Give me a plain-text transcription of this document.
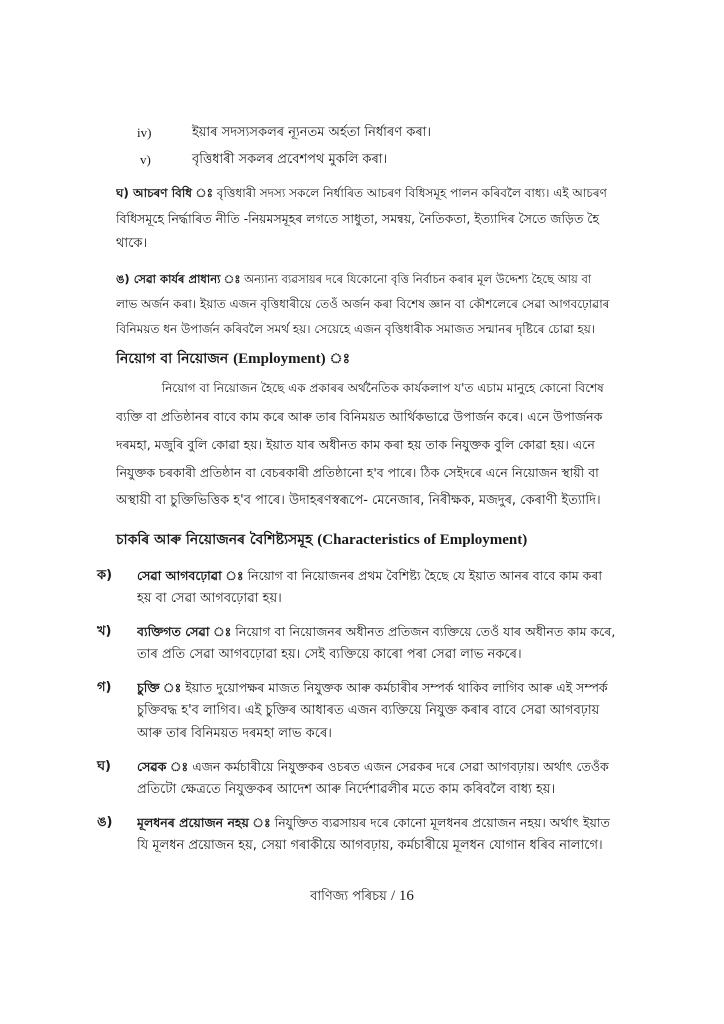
iv)	ইয়াৰ সদস্যসকলৰ ন্যূনতম অৰ্হতা নিৰ্ধাৰণ কৰা।
v)	বৃত্তিধাৰী সকলৰ প্ৰবেশপথ মুকলি কৰা।
ঘ) আচৰণ বিধি ঃ বৃত্তিধাৰী সদস্য সকলে নিৰ্ধাৰিত আচৰণ বিধিসমূহ পালন কৰিবলৈ বাধ্য। এই আচৰণ
বিধিসমূহে নিৰ্দ্ধাৰিত নীতি -নিয়মসমূহৰ লগতে সাধুতা, সমন্বয়, নৈতিকতা, ইত্যাদিৰ সৈতে জড়িত হৈ
থাকে।
ঙ) সেৱা কাৰ্যৰ প্ৰাধান্য ঃ অন্যান্য ব্যৱসায়ৰ দৰে যিকোনো বৃত্তি নিৰ্বাচন কৰাৰ মূল উদ্দেশ্য হৈছে আয় বা
লাভ অৰ্জন কৰা। ইয়াত এজন বৃত্তিধাৰীয়ে তেওঁ অৰ্জন কৰা বিশেষ জ্ঞান বা কৌশলেৰে সেৱা আগবঢ়োৱাৰ
বিনিময়ত ধন উপাৰ্জন কৰিবলৈ সমৰ্থ হয়। সেয়েহে এজন বৃত্তিধাৰীক সমাজত সন্মানৰ দৃষ্টিৰে চোৱা হয়।
নিয়োগ বা নিয়োজন (Employment) ঃ
নিয়োগ বা নিয়োজন হৈছে এক প্ৰকাৰৰ অৰ্থনৈতিক কাৰ্যকলাপ য'ত এচাম মানুহে কোনো বিশেষ
ব্যক্তি বা প্ৰতিষ্ঠানৰ বাবে কাম কৰে আৰু তাৰ বিনিময়ত আৰ্থিকভাৱে উপাৰ্জন কৰে। এনে উপাৰ্জনক
দৰমহা, মজুৰি বুলি কোৱা হয়। ইয়াত যাৰ অধীনত কাম কৰা হয় তাক নিযুক্তক বুলি কোৱা হয়। এনে
নিযুক্তক চৰকাৰী প্ৰতিষ্ঠান বা বেচৰকাৰী প্ৰতিষ্ঠানো হ'ব পাৰে। ঠিক সেইদৰে এনে নিয়োজন স্থায়ী বা
অস্থায়ী বা চুক্তিভিত্তিক হ'ব পাৰে। উদাহৰণস্বৰূপে- মেনেজাৰ, নিৰীক্ষক, মজদুৰ, কেৰাণী ইত্যাদি।
চাকৰি আৰু নিয়োজনৰ বৈশিষ্ট্যসমূহ (Characteristics of Employment)
ক) সেৱা আগবঢ়োৱা ঃ নিয়োগ বা নিয়োজনৰ প্ৰথম বৈশিষ্ট্য হৈছে যে ইয়াত আনৰ বাবে কাম কৰা
হয় বা সেৱা আগবঢ়োৱা হয়।
খ) ব্যক্তিগত সেৱা ঃ নিয়োগ বা নিয়োজনৰ অধীনত প্ৰতিজন ব্যক্তিয়ে তেওঁ যাৰ অধীনত কাম কৰে,
তাৰ প্ৰতি সেৱা আগবঢ়োৱা হয়। সেই ব্যক্তিয়ে কাৰো পৰা সেৱা লাভ নকৰে।
গ) চুক্তি ঃ ইয়াত দুয়োপক্ষৰ মাজত নিযুক্তক আৰু কৰ্মচাৰীৰ সম্পৰ্ক থাকিব লাগিব আৰু এই সম্পৰ্ক
চুক্তিবদ্ধ হ'ব লাগিব। এই চুক্তিৰ আধাৰত এজন ব্যক্তিয়ে নিযুক্ত কৰাৰ বাবে সেৱা আগবঢ়ায়
আৰু তাৰ বিনিময়ত দৰমহা লাভ কৰে।
ঘ) সেৱক ঃ এজন কৰ্মচাৰীয়ে নিযুক্তকৰ ওচৰত এজন সেৱকৰ দৰে সেৱা আগবঢ়ায়। অৰ্থাৎ তেওঁক
প্ৰতিটো ক্ষেত্ৰতে নিযুক্তকৰ আদেশ আৰু নিৰ্দেশাৱলীৰ মতে কাম কৰিবলৈ বাধ্য হয়।
ঙ) মূলধনৰ প্ৰয়োজন নহয় ঃ নিযুক্তিত ব্যৱসায়ৰ দৰে কোনো মূলধনৰ প্ৰয়োজন নহয়। অৰ্থাৎ ইয়াত
যি মূলধন প্ৰয়োজন হয়, সেয়া গৰাকীয়ে আগবঢ়ায়, কৰ্মচাৰীয়ে মূলধন যোগান ধৰিব নালাগে।
বাণিজ্য পৰিচয় / 16
